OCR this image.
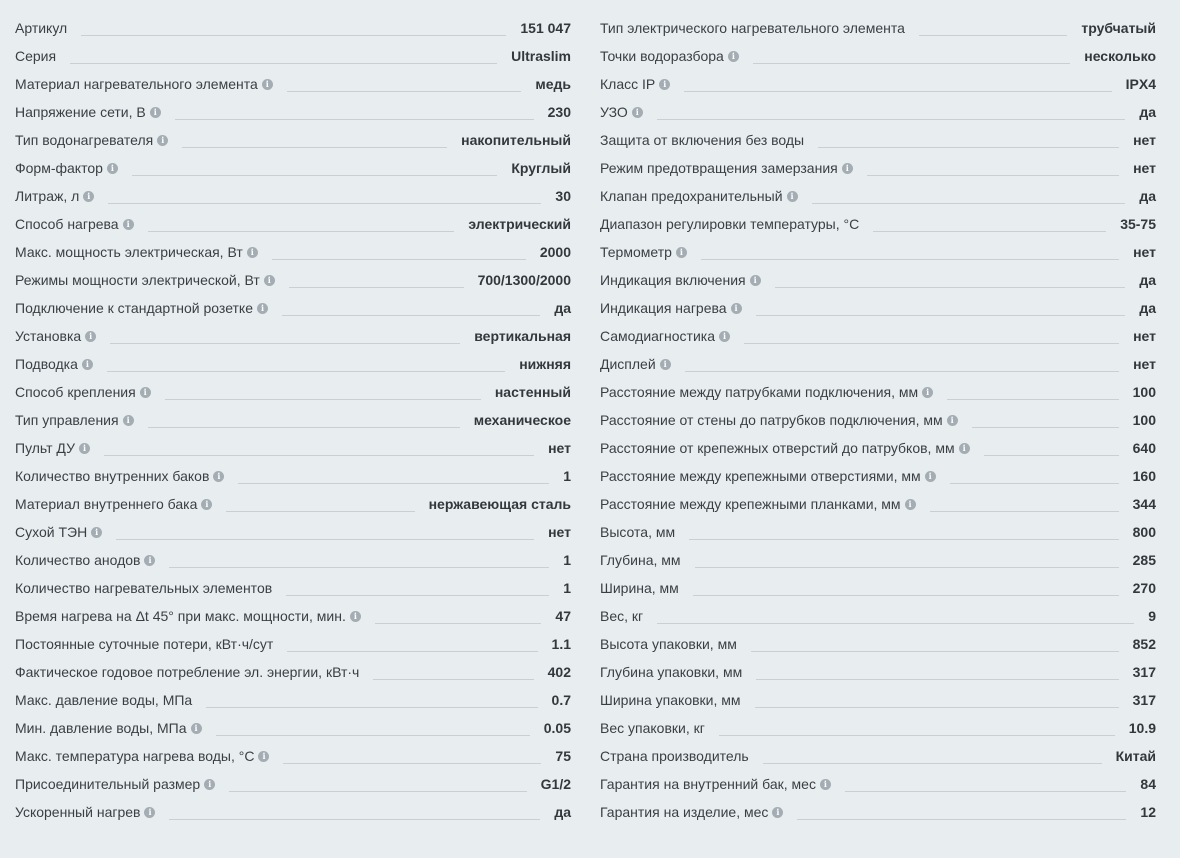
Артикул	151 047
Серия	Ultraslim
Материал нагревательного элемента i	медь
Напряжение сети, В i	230
Тип водонагревателя i	накопительный
Форм-фактор i	Круглый
Литраж, л i	30
Способ нагрева i	электрический
Макс. мощность электрическая, Вт i	2000
Режимы мощности электрической, Вт i	700/1300/2000
Подключение к стандартной розетке i	да
Установка i	вертикальная
Подводка i	нижняя
Способ крепления i	настенный
Тип управления i	механическое
Пульт ДУ i	нет
Количество внутренних баков i	1
Материал внутреннего бака i	нержавеющая сталь
Сухой ТЭН i	нет
Количество анодов i	1
Количество нагревательных элементов	1
Время нагрева на Δt 45° при макс. мощности, мин. i	47
Постоянные суточные потери, кВт·ч/сут	1.1
Фактическое годовое потребление эл. энергии, кВт·ч	402
Макс. давление воды, МПа	0.7
Мин. давление воды, МПа i	0.05
Макс. температура нагрева воды, °С i	75
Присоединительный размер i	G1/2
Ускоренный нагрев i	да
Тип электрического нагревательного элемента	трубчатый
Точки водоразбора i	несколько
Класс IP i	IPX4
УЗО i	да
Защита от включения без воды	нет
Режим предотвращения замерзания i	нет
Клапан предохранительный i	да
Диапазон регулировки температуры, °С	35-75
Термометр i	нет
Индикация включения i	да
Индикация нагрева i	да
Самодиагностика i	нет
Дисплей i	нет
Расстояние между патрубками подключения, мм i	100
Расстояние от стены до патрубков подключения, мм i	100
Расстояние от крепежных отверстий до патрубков, мм i	640
Расстояние между крепежными отверстиями, мм i	160
Расстояние между крепежными планками, мм i	344
Высота, мм	800
Глубина, мм	285
Ширина, мм	270
Вес, кг	9
Высота упаковки, мм	852
Глубина упаковки, мм	317
Ширина упаковки, мм	317
Вес упаковки, кг	10.9
Страна производитель	Китай
Гарантия на внутренний бак, мес i	84
Гарантия на изделие, мес i	12
